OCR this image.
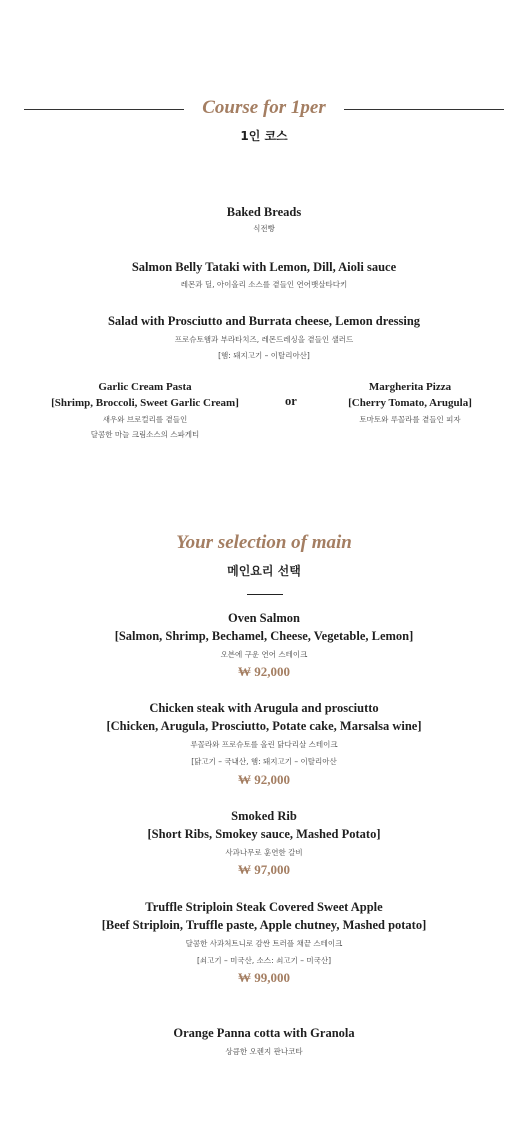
Course for 1per
1인 코스
Baked Breads
식전빵
Salmon Belly Tataki with Lemon, Dill, Aioli sauce
레몬과 딜, 아이올리 소스를 곁들인 연어뱃살타다키
Salad with Prosciutto and Burrata cheese, Lemon dressing
프로슈토햄과 부라타치즈, 레몬드레싱을 곁들인 샐러드
[햄: 돼지고기 – 이탈리아산]
Garlic Cream Pasta
[Shrimp, Broccoli, Sweet Garlic Cream]
새우와 브로컬리를 곁들인
달콤한 마늘 크림소스의 스파게티
or
Margherita Pizza
[Cherry Tomato, Arugula]
토마토와 루꼴라를 곁들인 피자
Your selection of main
메인요리 선택
Oven Salmon
[Salmon, Shrimp, Bechamel, Cheese, Vegetable, Lemon]
오븐에 구운 연어 스테이크
₩ 92,000
Chicken steak with Arugula and prosciutto
[Chicken, Arugula, Prosciutto, Potate cake, Marsalsa wine]
루꼴라와 프로슈토를 올린 닭다리살 스테이크
[닭고기 – 국내산, 햄: 돼지고기 – 이탈리아산
₩ 92,000
Smoked Rib
[Short Ribs, Smokey sauce, Mashed Potato]
사과나무로 훈연한 갈비
₩ 97,000
Truffle Striploin Steak Covered Sweet Apple
[Beef Striploin, Truffle paste, Apple chutney, Mashed potato]
달콤한 사과처트니로 감싼 트러플 채끝 스테이크
[쇠고기 – 미국산, 소스: 쇠고기 – 미국산]
₩ 99,000
Orange Panna cotta with Granola
상큼한 오렌지 판나코타
